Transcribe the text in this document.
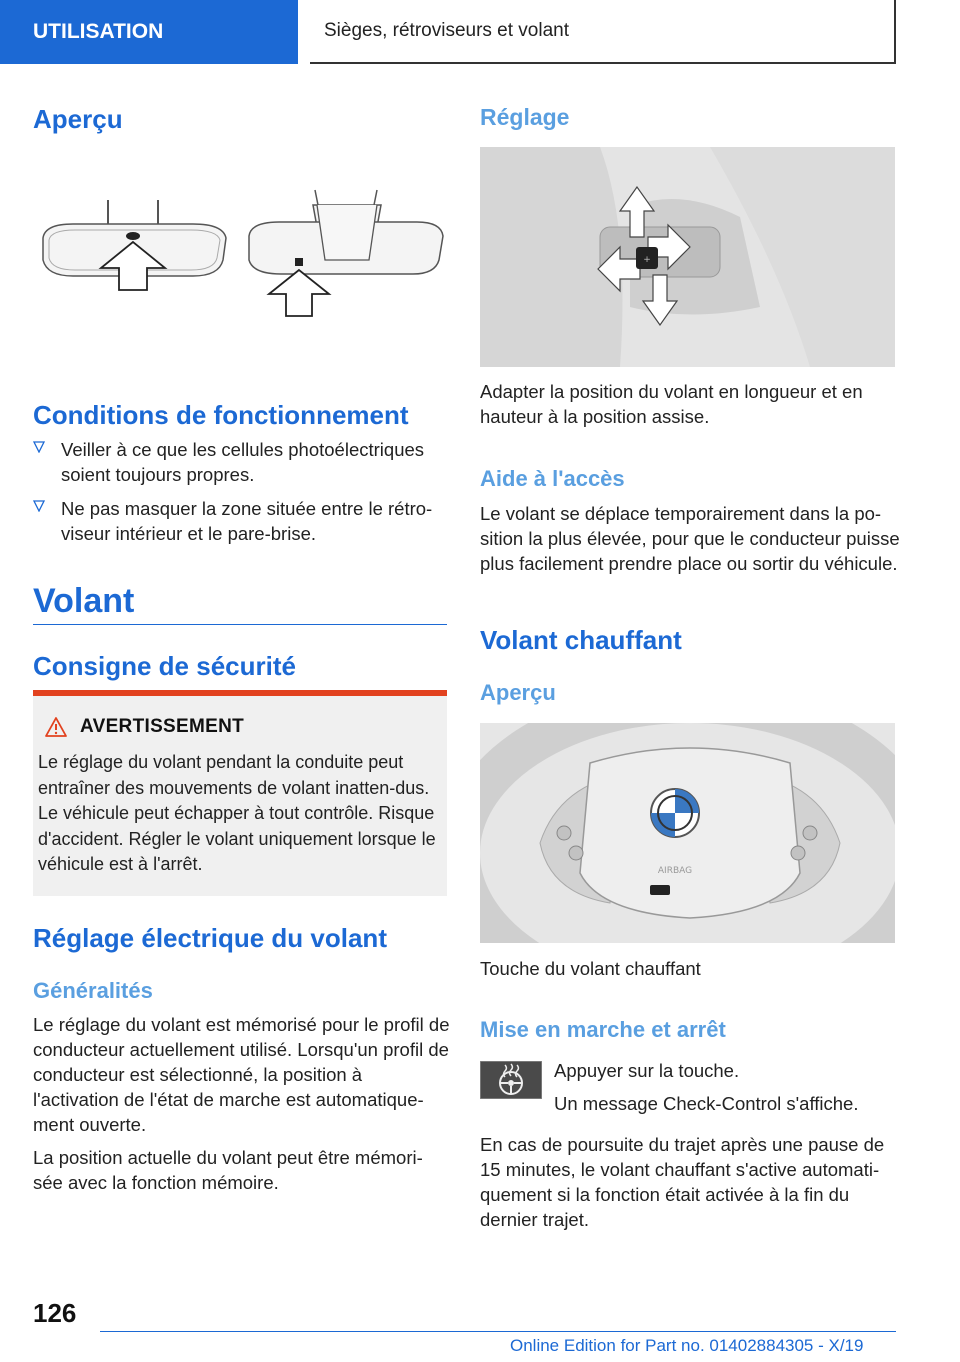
UTILISATION	Sièges, rétroviseurs et volant
Aperçu
Conditions de fonctionnement
Veiller à ce que les cellules photoélectriques soient toujours propres.
Ne pas masquer la zone située entre le rétro-viseur intérieur et le pare-brise.
Volant
Consigne de sécurité
AVERTISSEMENT
Le réglage du volant pendant la conduite peut entraîner des mouvements de volant inatten-dus. Le véhicule peut échapper à tout contrôle. Risque d'accident. Régler le volant uniquement lorsque le véhicule est à l'arrêt.
Réglage électrique du volant
Généralités
Le réglage du volant est mémorisé pour le profil de conducteur actuellement utilisé. Lorsqu'un profil de conducteur est sélectionné, la position à l'activation de l'état de marche est automatique-ment ouverte.
La position actuelle du volant peut être mémori-sée avec la fonction mémoire.
Réglage
+
Adapter la position du volant en longueur et en hauteur à la position assise.
Aide à l'accès
Le volant se déplace temporairement dans la po-sition la plus élevée, pour que le conducteur puisse plus facilement prendre place ou sortir du véhicule.
Volant chauffant
Aperçu
AIRBAG
Touche du volant chauffant
Mise en marche et arrêt
Appuyer sur la touche.
Un message Check-Control s'affiche.
En cas de poursuite du trajet après une pause de 15 minutes, le volant chauffant s'active automati-quement si la fonction était activée à la fin du dernier trajet.
126
Online Edition for Part no. 01402884305 - X/19
